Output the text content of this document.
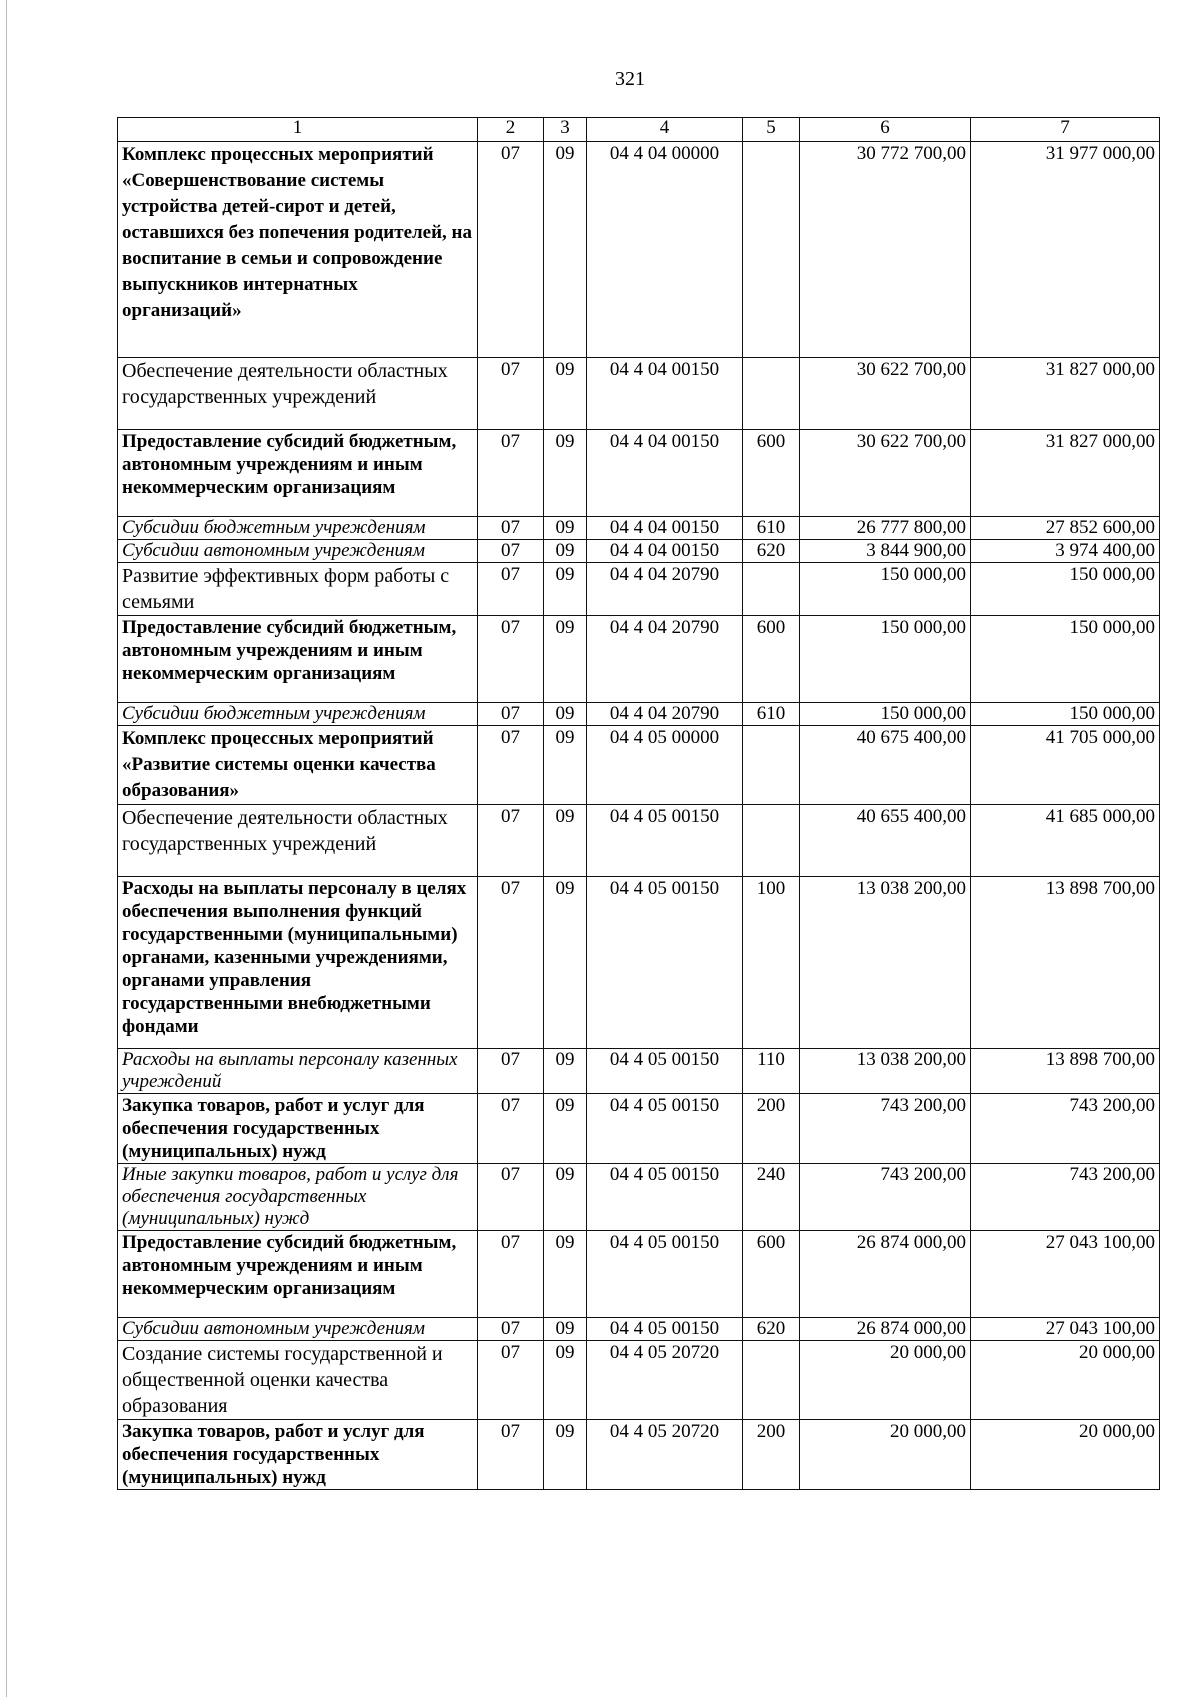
321
1	2	3	4	5	6	7
Комплекс процессных мероприятий «Совершенствование системы устройства детей-сирот и детей, оставшихся без попечения родителей, на воспитание в семьи и сопровождение выпускников интернатных организаций»	07	09	04 4 04 00000		30 772 700,00	31 977 000,00
Обеспечение деятельности областных государственных учреждений	07	09	04 4 04 00150		30 622 700,00	31 827 000,00
Предоставление субсидий бюджетным, автономным учреждениям и иным некоммерческим организациям	07	09	04 4 04 00150	600	30 622 700,00	31 827 000,00
Субсидии бюджетным учреждениям	07	09	04 4 04 00150	610	26 777 800,00	27 852 600,00
Субсидии автономным учреждениям	07	09	04 4 04 00150	620	3 844 900,00	3 974 400,00
Развитие эффективных форм работы с семьями	07	09	04 4 04 20790		150 000,00	150 000,00
Предоставление субсидий бюджетным, автономным учреждениям и иным некоммерческим организациям	07	09	04 4 04 20790	600	150 000,00	150 000,00
Субсидии бюджетным учреждениям	07	09	04 4 04 20790	610	150 000,00	150 000,00
Комплекс процессных мероприятий «Развитие системы оценки качества образования»	07	09	04 4 05 00000		40 675 400,00	41 705 000,00
Обеспечение деятельности областных государственных учреждений	07	09	04 4 05 00150		40 655 400,00	41 685 000,00
Расходы на выплаты персоналу в целях обеспечения выполнения функций государственными (муниципальными) органами, казенными учреждениями, органами управления государственными внебюджетными фондами	07	09	04 4 05 00150	100	13 038 200,00	13 898 700,00
Расходы на выплаты персоналу казенных учреждений	07	09	04 4 05 00150	110	13 038 200,00	13 898 700,00
Закупка товаров, работ и услуг для обеспечения государственных (муниципальных) нужд	07	09	04 4 05 00150	200	743 200,00	743 200,00
Иные закупки товаров, работ и услуг для обеспечения государственных (муниципальных) нужд	07	09	04 4 05 00150	240	743 200,00	743 200,00
Предоставление субсидий бюджетным, автономным учреждениям и иным некоммерческим организациям	07	09	04 4 05 00150	600	26 874 000,00	27 043 100,00
Субсидии автономным учреждениям	07	09	04 4 05 00150	620	26 874 000,00	27 043 100,00
Создание системы государственной и общественной оценки качества образования	07	09	04 4 05 20720		20 000,00	20 000,00
Закупка товаров, работ и услуг для обеспечения государственных (муниципальных) нужд	07	09	04 4 05 20720	200	20 000,00	20 000,00
